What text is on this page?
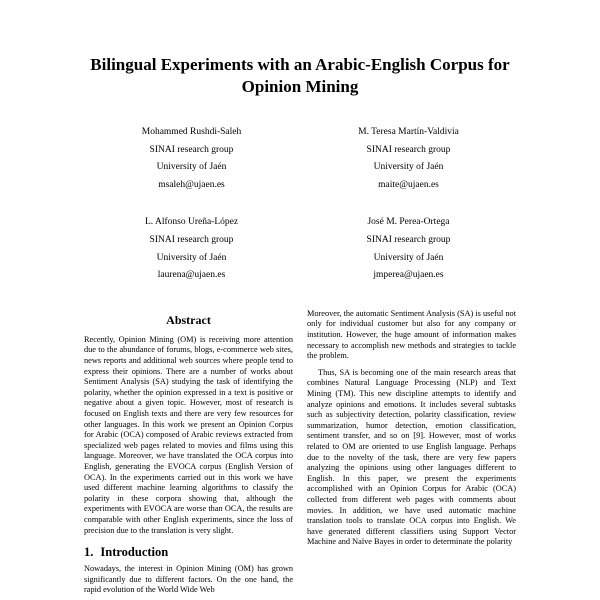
Bilingual Experiments with an Arabic-English Corpus for Opinion Mining
Mohammed Rushdi-Saleh
SINAI research group
University of Jaén
msaleh@ujaen.es
M. Teresa Martín-Valdivia
SINAI research group
University of Jaén
maite@ujaen.es
L. Alfonso Ureña-López
SINAI research group
University of Jaén
laurena@ujaen.es
José M. Perea-Ortega
SINAI research group
University of Jaén
jmperea@ujaen.es
Abstract

Recently, Opinion Mining (OM) is receiving more attention due to the abundance of forums, blogs, e-commerce web sites, news reports and additional web sources where people tend to express their opinions. There are a number of works about Sentiment Analysis (SA) studying the task of identifying the polarity, whether the opinion expressed in a text is positive or negative about a given topic. However, most of research is focused on English texts and there are very few resources for other languages. In this work we present an Opinion Corpus for Arabic (OCA) composed of Arabic reviews extracted from specialized web pages related to movies and films using this language. Moreover, we have translated the OCA corpus into English, generating the EVOCA corpus (English Version of OCA). In the experiments carried out in this work we have used different machine learning algorithms to classify the polarity in these corpora showing that, although the experiments with EVOCA are worse than OCA, the results are comparable with other English experiments, since the loss of precision due to the translation is very slight.

1. Introduction

Nowadays, the interest in Opinion Mining (OM) has grown significantly due to different factors. On the one hand, the rapid evolution of the World Wide Web

Moreover, the automatic Sentiment Analysis (SA) is useful not only for individual customer but also for any company or institution. However, the huge amount of information makes necessary to accomplish new methods and strategies to tackle the problem.

Thus, SA is becoming one of the main research areas that combines Natural Language Processing (NLP) and Text Mining (TM). This new discipline attempts to identify and analyze opinions and emotions. It includes several subtasks such as subjectivity detection, polarity classification, review summarization, humor detection, emotion classification, sentiment transfer, and so on [9]. However, most of works related to OM are oriented to use English language. Perhaps due to the novelty of the task, there are very few papers analyzing the opinions using other languages different to English. In this paper, we present the experiments accomplished with an Opinion Corpus for Arabic (OCA) collected from different web pages with comments about movies. In addition, we have used automatic machine translation tools to translate OCA corpus into English. We have generated different classifiers using Support Vector Machine and Naïve Bayes in order to determinate the polarity
